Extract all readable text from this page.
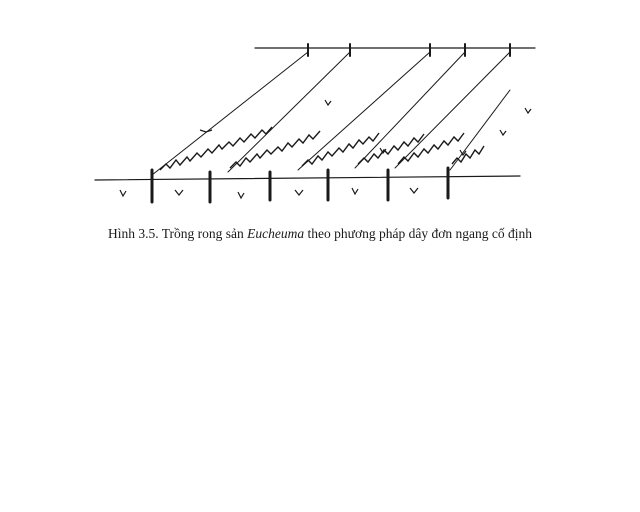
Hình 3.5. Trồng rong sản Eucheuma theo phương pháp dây đơn ngang cố định
